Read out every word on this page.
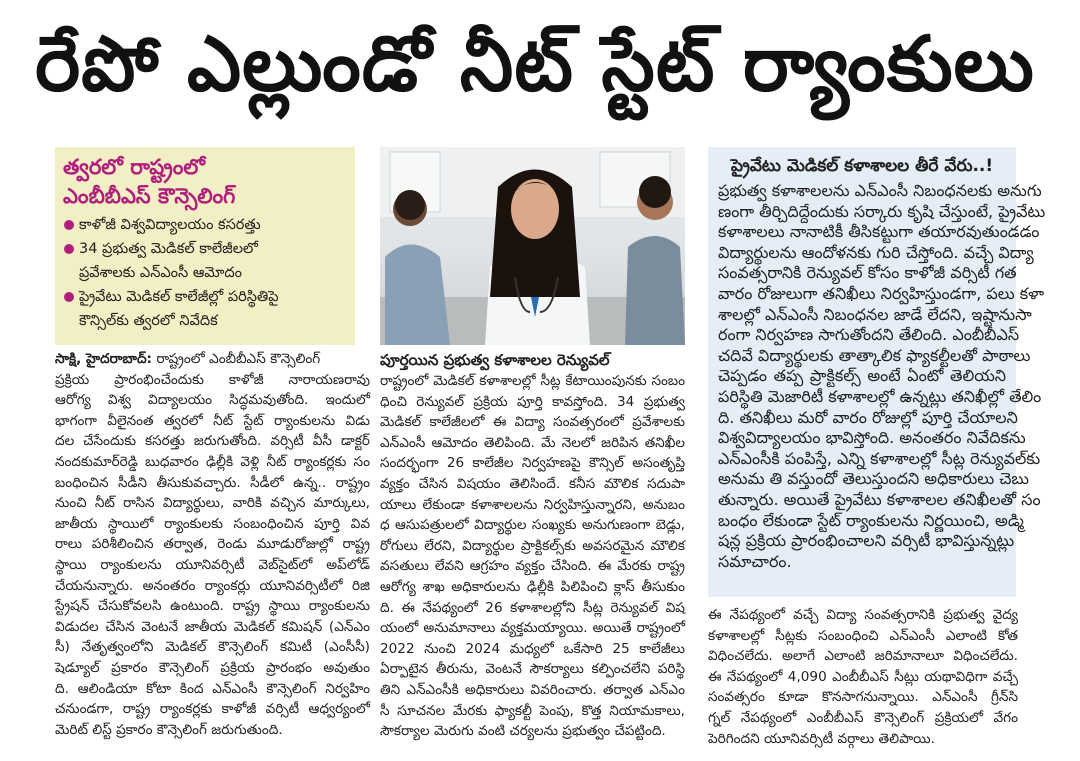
రేపో ఎల్లుండో నీట్ స్టేట్ ర్యాంకులు
త్వరలో రాష్ట్రంలో
ఎంబీబీఎస్ కౌన్సెలింగ్
కాళోజీ విశ్వవిద్యాలయం కసరత్తు
34 ప్రభుత్వ మెడికల్ కాలేజీలలో
ప్రవేశాలకు ఎన్‌ఎంసీ ఆమోదం
ప్రైవేటు మెడికల్ కాలేజీల్లో పరిస్థితిపై
కౌన్సిల్‌కు త్వరలో నివేదిక
సాక్షి, హైదరాబాద్: రాష్ట్రంలో ఎంబీబీఎస్ కౌన్సెలింగ్
ప్రక్రియ ప్రారంభించేందుకు కాళోజీ నారాయణరావు
ఆరోగ్య విశ్వ విద్యాలయం సిద్ధమవుతోంది. ఇందులో
భాగంగా వీలైనంత త్వరలో నీట్ స్టేట్ ర్యాంకులను విడు
దల చేసేందుకు కసరత్తు జరుగుతోంది. వర్సిటీ వీసీ డాక్టర్
నందకుమార్‌రెడ్డి బుధవారం ఢిల్లీకి వెళ్లి నీట్ ర్యాంకర్లకు సం
బంధించిన సీడీని తీసుకువచ్చారు. సీడీలో ఉన్న.. రాష్ట్రం
నుంచి నీట్ రాసిన విద్యార్థులు, వారికి వచ్చిన మార్కులు,
జాతీయ స్థాయిలో ర్యాంకులకు సంబంధించిన పూర్తి వివ
రాలు పరిశీలించిన తర్వాత, రెండు మూడురోజుల్లో రాష్ట్ర
స్థాయి ర్యాంకులను యూనివర్సిటీ వెబ్‌సైట్‌లో అప్‌లోడ్
చేయనున్నారు. అనంతరం ర్యాంకర్లు యూనివర్సిటీలో రిజి
స్ట్రేషన్ చేసుకోవలసి ఉంటుంది. రాష్ట్ర స్థాయి ర్యాంకులను
విడుదల చేసిన వెంటనే జాతీయ మెడికల్ కమిషన్ (ఎన్‌ఎం
సీ) నేతృత్వంలోని మెడికల్ కౌన్సెలింగ్ కమిటీ (ఎంసీసీ)
షెడ్యూల్ ప్రకారం కౌన్సెలింగ్ ప్రక్రియ ప్రారంభం అవుతుం
ది. ఆలిండియా కోటా కింద ఎన్‌ఎంసీ కౌన్సెలింగ్ నిర్వహిం
చనుండగా, రాష్ట్ర ర్యాంకర్లకు కాళోజీ వర్సిటీ ఆధ్వర్యంలో
మెరిట్ లిస్ట్ ప్రకారం కౌన్సెలింగ్ జరుగుతుంది.
పూర్తయిన ప్రభుత్వ కళాశాలల రెన్యువల్
రాష్ట్రంలో మెడికల్ కళాశాలల్లో సీట్ల కేటాయింపునకు సంబం
ధించి రెన్యువల్ ప్రక్రియ పూర్తి కావస్తోంది. 34 ప్రభుత్వ
మెడికల్ కాలేజీలలో ఈ విద్యా సంవత్సరంలో ప్రవేశాలకు
ఎన్‌ఎంసీ ఆమోదం తెలిపింది. మే నెలలో జరిపిన తనిఖీల
సందర్భంగా 26 కాలేజీల నిర్వహణపై కౌన్సిల్ అసంతృప్తి
వ్యక్తం చేసిన విషయం తెలిసిందే. కనీస మౌలిక సదుపా
యాలు లేకుండా కళాశాలలను నిర్వహిస్తున్నారని, అనుబం
ధ ఆసుపత్రులలో విద్యార్థుల సంఖ్యకు అనుగుణంగా బెడ్లు,
రోగులు లేరని, విద్యార్థుల ప్రాక్టికల్స్‌కు అవసరమైన మౌలిక
వసతులు లేవని ఆగ్రహం వ్యక్తం చేసింది. ఈ మేరకు రాష్ట్ర
ఆరోగ్య శాఖ అధికారులను ఢిల్లీకి పిలిపించి క్లాస్ తీసుకుం
ది. ఈ నేపథ్యంలో 26 కళాశాలల్లోని సీట్ల రెన్యువల్ విష
యంలో అనుమానాలు వ్యక్తమయ్యాయి. అయితే రాష్ట్రంలో
2022 నుంచి 2024 మధ్యలో ఒకేసారి 25 కాలేజీలు
ఏర్పాటైన తీరును, వెంటనే సౌకర్యాలు కల్పించలేని పరిస్థి
తిని ఎన్‌ఎంసీకి అధికారులు వివరించారు. తర్వాత ఎన్‌ఎం
సీ సూచనల మేరకు ఫ్యాకల్టీ పెంపు, కొత్త నియామకాలు,
సౌకర్యాల మెరుగు వంటి చర్యలను ప్రభుత్వం చేపట్టింది.
ప్రైవేటు మెడికల్ కళాశాలల తీరే వేరు..!
ప్రభుత్వ కళాశాలలను ఎన్‌ఎంసీ నిబంధనలకు అనుగు
ణంగా తీర్చిదిద్దేందుకు సర్కారు కృషి చేస్తుంటే, ప్రైవేటు
కళాశాలలు నానాటికీ తీసికట్టుగా తయారవుతుండడం
విద్యార్థులను ఆందోళనకు గురి చేస్తోంది. వచ్చే విద్యా
సంవత్సరానికి రెన్యువల్ కోసం కాళోజీ వర్సిటీ గత
వారం రోజులుగా తనిఖీలు నిర్వహిస్తుండగా, పలు కళా
శాలల్లో ఎన్‌ఎంసీ నిబంధనల జాడే లేదని, ఇష్టానుసా
రంగా నిర్వహణ సాగుతోందని తేలింది. ఎంబీబీఎస్
చదివే విద్యార్థులకు తాత్కాలిక ఫ్యాకల్టీలతో పాఠాలు
చెప్పడం తప్ప ప్రాక్టికల్స్ అంటే ఏంటో తెలియని
పరిస్థితి మెజారిటీ కళాశాలల్లో ఉన్నట్లు తనిఖీల్లో తేలిం
ది. తనిఖీలు మరో వారం రోజుల్లో పూర్తి చేయాలని
విశ్వవిద్యాలయం భావిస్తోంది. అనంతరం నివేదికను
ఎన్‌ఎంసీకి పంపిస్తే, ఎన్ని కళాశాలల్లో సీట్ల రెన్యువల్‌కు
అనుమ తి వస్తుందో తెలుస్తుందని అధికారులు చెబు
తున్నారు. అయితే ప్రైవేటు కళాశాలల తనిఖీలతో సం
బంధం లేకుండా స్టేట్ ర్యాంకులను నిర్ణయించి, అడ్మి
షన్ల ప్రక్రియ ప్రారంభించాలని వర్సిటీ భావిస్తున్నట్లు
సమాచారం.
ఈ నేపథ్యంలో వచ్చే విద్యా సంవత్సరానికి ప్రభుత్వ వైద్య
కళాశాలల్లో సీట్లకు సంబంధించి ఎన్‌ఎంసీ ఎలాంటి కోత
విధించలేదు. అలాగే ఎలాంటి జరిమానాలూ విధించలేదు.
ఈ నేపథ్యంలో 4,090 ఎంబీబీఎస్ సీట్లు యథావిధిగా వచ్చే
సంవత్సరం కూడా కొనసాగనున్నాయి. ఎన్‌ఎంసీ గ్రీన్‌సి
గ్నల్ నేపథ్యంలో ఎంబీబీఎస్ కౌన్సెలింగ్ ప్రక్రియలో వేగం
పెరిగిందని యూనివర్సిటీ వర్గాలు తెలిపాయి.
